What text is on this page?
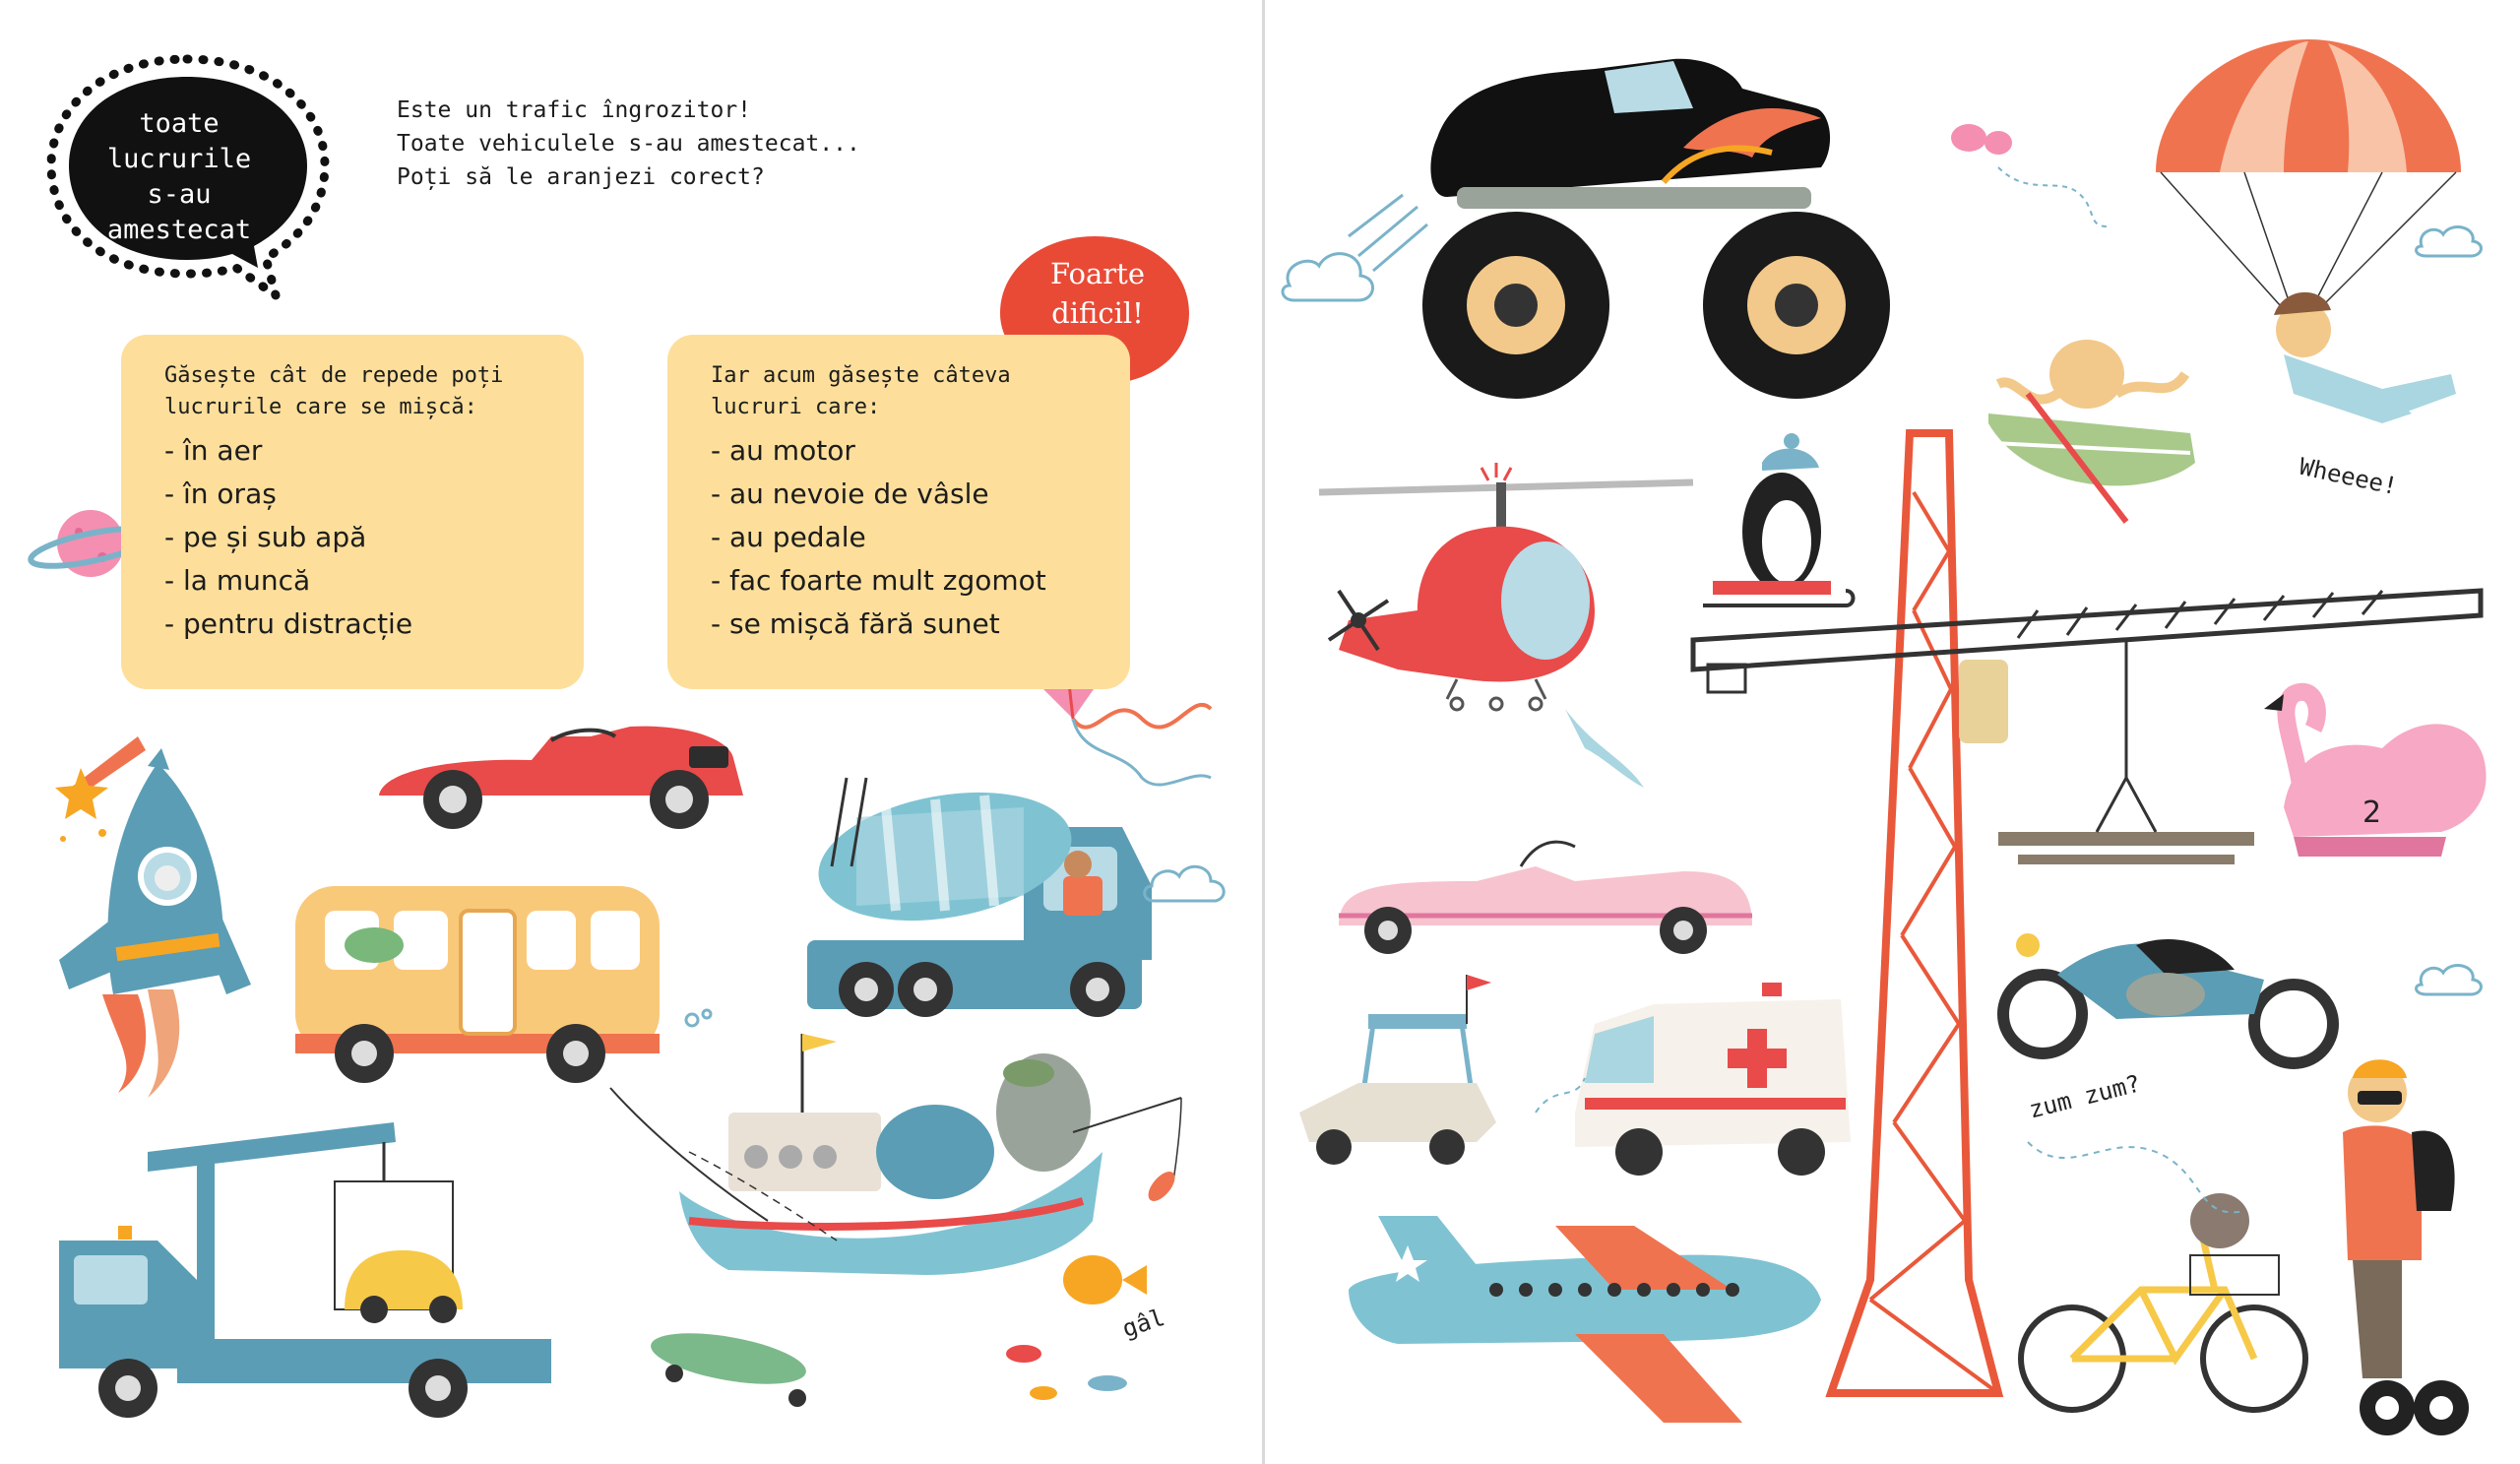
2
toate lucrurile
s-au amestecat
Este un trafic îngrozitor!
Toate vehiculele s-au amestecat...
Poți să le aranjezi corect?
Găsește cât de repede poți
lucrurile care se mișcă:
- în aer
- în oraș
- pe și sub apă
- la muncă
- pentru distracție
Iar acum găsește câteva
lucruri care:
- au motor
- au nevoie de vâsle
- au pedale
- fac foarte mult zgomot
- se mișcă fără sunet
Foarte
dificil!
gâl
Wheeee!
zum zum?
